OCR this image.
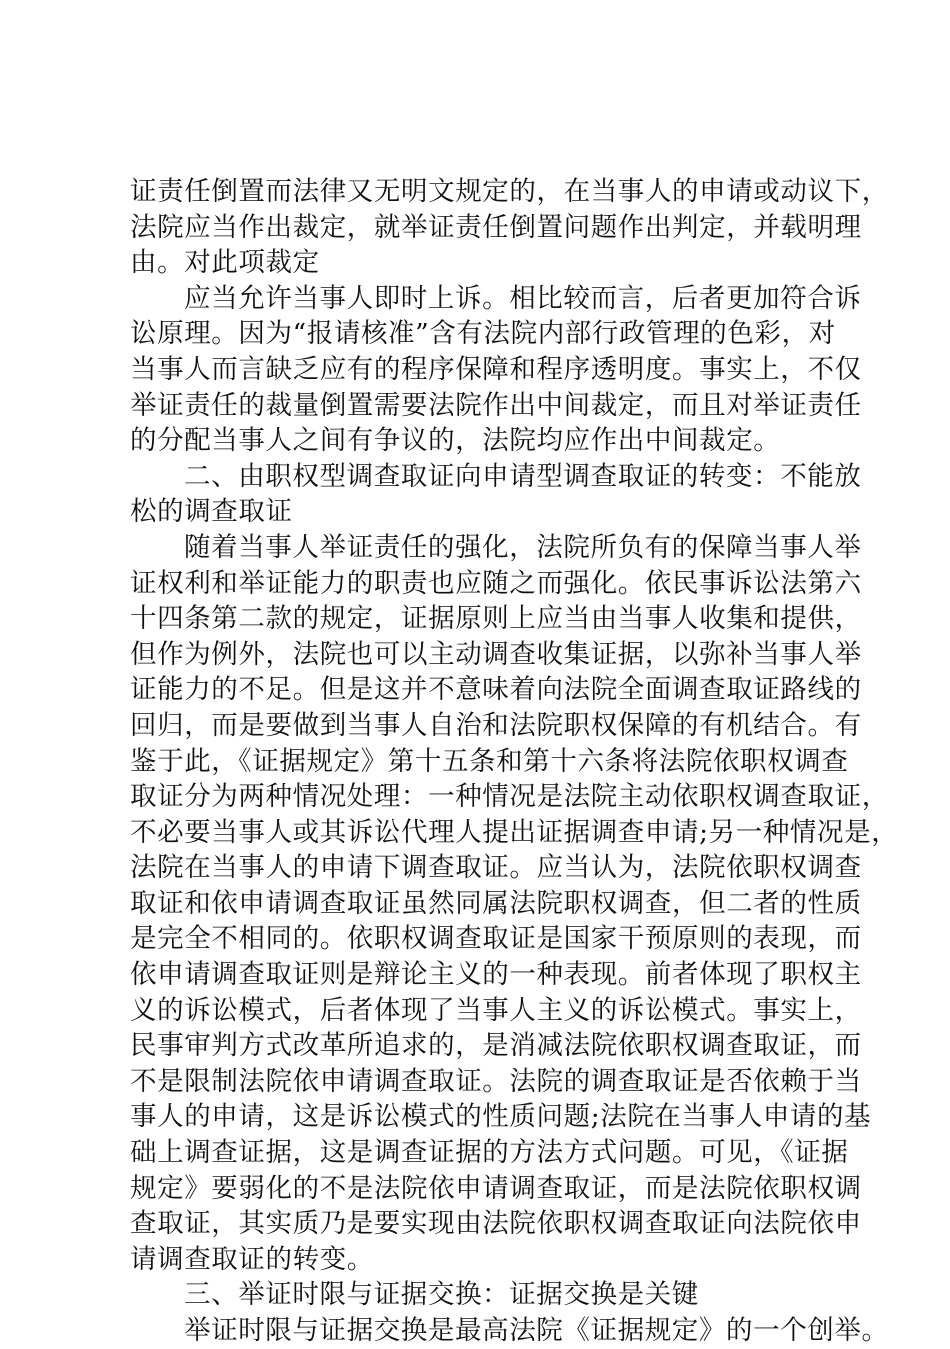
证责任倒置而法律又无明文规定的，在当事人的申请或动议下，
法院应当作出裁定，就举证责任倒置问题作出判定，并载明理
由。对此项裁定
应当允许当事人即时上诉。相比较而言，后者更加符合诉
讼原理。因为“报请核准”含有法院内部行政管理的色彩，对
当事人而言缺乏应有的程序保障和程序透明度。事实上，不仅
举证责任的裁量倒置需要法院作出中间裁定，而且对举证责任
的分配当事人之间有争议的，法院均应作出中间裁定。
二、由职权型调查取证向申请型调查取证的转变：不能放
松的调查取证
随着当事人举证责任的强化，法院所负有的保障当事人举
证权利和举证能力的职责也应随之而强化。依民事诉讼法第六
十四条第二款的规定，证据原则上应当由当事人收集和提供，
但作为例外，法院也可以主动调查收集证据，以弥补当事人举
证能力的不足。但是这并不意味着向法院全面调查取证路线的
回归，而是要做到当事人自治和法院职权保障的有机结合。有
鉴于此，《证据规定》第十五条和第十六条将法院依职权调查
取证分为两种情况处理：一种情况是法院主动依职权调查取证，
不必要当事人或其诉讼代理人提出证据调查申请;另一种情况是，
法院在当事人的申请下调查取证。应当认为，法院依职权调查
取证和依申请调查取证虽然同属法院职权调查，但二者的性质
是完全不相同的。依职权调查取证是国家干预原则的表现，而
依申请调查取证则是辩论主义的一种表现。前者体现了职权主
义的诉讼模式，后者体现了当事人主义的诉讼模式。事实上，
民事审判方式改革所追求的，是消减法院依职权调查取证，而
不是限制法院依申请调查取证。法院的调查取证是否依赖于当
事人的申请，这是诉讼模式的性质问题;法院在当事人申请的基
础上调查证据，这是调查证据的方法方式问题。可见，《证据
规定》要弱化的不是法院依申请调查取证，而是法院依职权调
查取证，其实质乃是要实现由法院依职权调查取证向法院依申
请调查取证的转变。
三、举证时限与证据交换：证据交换是关键
举证时限与证据交换是最高法院《证据规定》的一个创举。
